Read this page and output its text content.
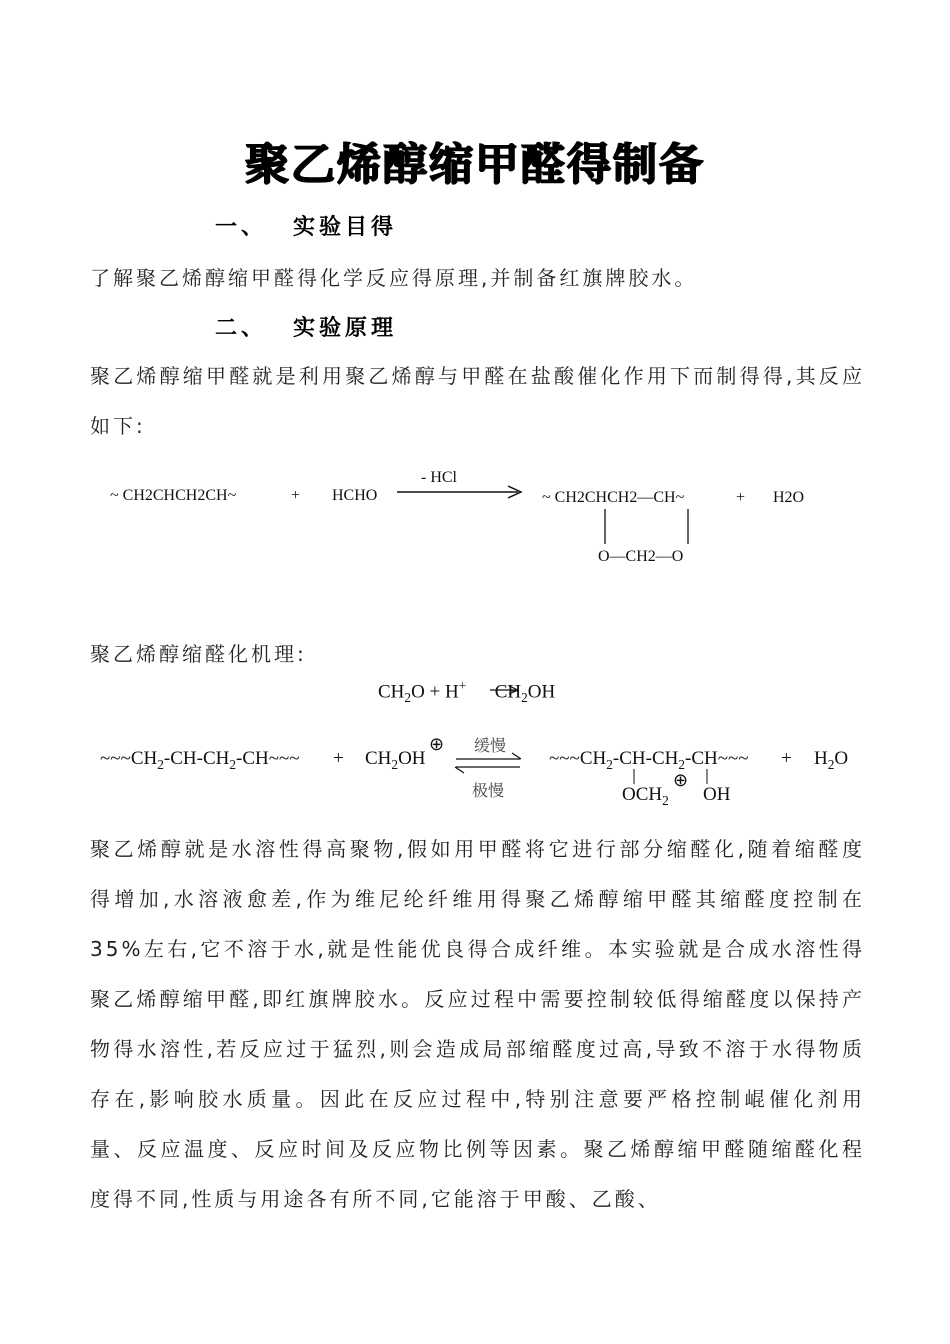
聚乙烯醇缩甲醛得制备
一、 实验目得

了解聚乙烯醇缩甲醛得化学反应得原理,并制备红旗牌胶水。

二、 实验原理

聚乙烯醇缩甲醛就是利用聚乙烯醇与甲醛在盐酸催化作用下而制得得,其反应如下:

~ CH2CHCH2CH~	+ HCHO
- HCl
~ CH2CHCH2—CH~	+ H2O
O—CH2—O

聚乙烯醇缩醛化机理:

$CH_2O + H^+$      $CH_2OH$
$\sim\sim\sim CH_2-CH-CH_2-CH\sim\sim\sim + CH_2OH$
⊕ 缓慢
极慢
$\sim\sim\sim CH_2-CH-CH_2-CH\sim\sim\sim + H_2O$
$OCH_2$
⊕
OH

聚乙烯醇就是水溶性得高聚物,假如用甲醛将它进行部分缩醛化,随着缩醛度得增加,水溶液愈差,作为维尼纶纤维用得聚乙烯醇缩甲醛其缩醛度控制在35%左右,它不溶于水,就是性能优良得合成纤维。本实验就是合成水溶性得聚乙烯醇缩甲醛,即红旗牌胶水。反应过程中需要控制较低得缩醛度以保持产物得水溶性,若反应过于猛烈,则会造成局部缩醛度过高,导致不溶于水得物质存在,影响胶水质量。因此在反应过程中,特别注意要严格控制崐催化剂用量、反应温度、反应时间及反应物比例等因素。聚乙烯醇缩甲醛随缩醛化程度得不同,性质与用途各有所不同,它能溶于甲酸、乙酸、
